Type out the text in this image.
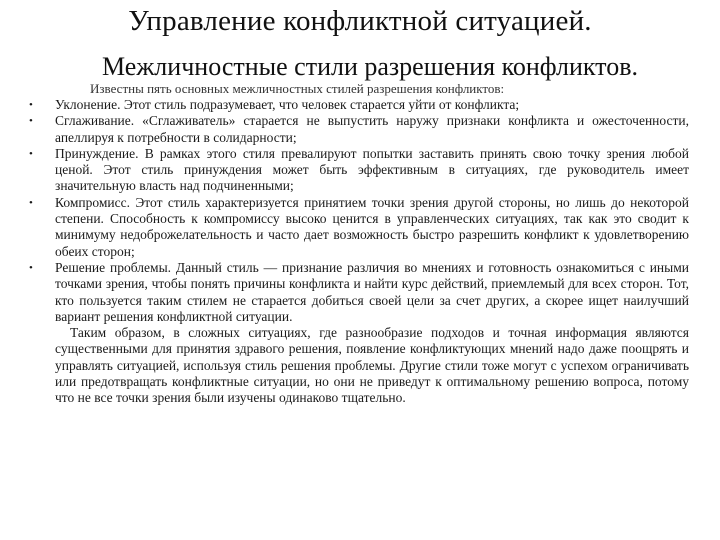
Управление конфликтной ситуацией.
Межличностные стили разрешения конфликтов.
Известны пять основных межличностных стилей разрешения конфликтов:
• Уклонение. Этот стиль подразумевает, что человек старается уйти от конфликта;
• Сглаживание. «Сглаживатель» старается не выпустить наружу признаки конфликта и ожесточенности, апеллируя к потребности в солидарности;
• Принуждение. В рамках этого стиля превалируют попытки заставить принять свою точку зрения любой ценой. Этот стиль принуждения может быть эффективным в ситуациях, где руководитель имеет значительную власть над подчиненными;
• Компромисс. Этот стиль характеризуется принятием точки зрения другой стороны, но лишь до некоторой степени. Способность к компромиссу высоко ценится в управленческих ситуациях, так как это сводит к минимуму недоброжелательность и часто дает возможность быстро разрешить конфликт к удовлетворению обеих сторон;
• Решение проблемы. Данный стиль — признание различия во мнениях и готовность ознакомиться с иными точками зрения, чтобы понять причины конфликта и найти курс действий, приемлемый для всех сторон. Тот, кто пользуется таким стилем не старается добиться своей цели за счет других, а скорее ищет наилучший вариант решения конфликтной ситуации.

Таким образом, в сложных ситуациях, где разнообразие подходов и точная информация являются существенными для принятия здравого решения, появление конфликтующих мнений надо даже поощрять и управлять ситуацией, используя стиль решения проблемы. Другие стили тоже могут с успехом ограничивать или предотвращать конфликтные ситуации, но они не приведут к оптимальному решению вопроса, потому что не все точки зрения были изучены одинаково тщательно.
